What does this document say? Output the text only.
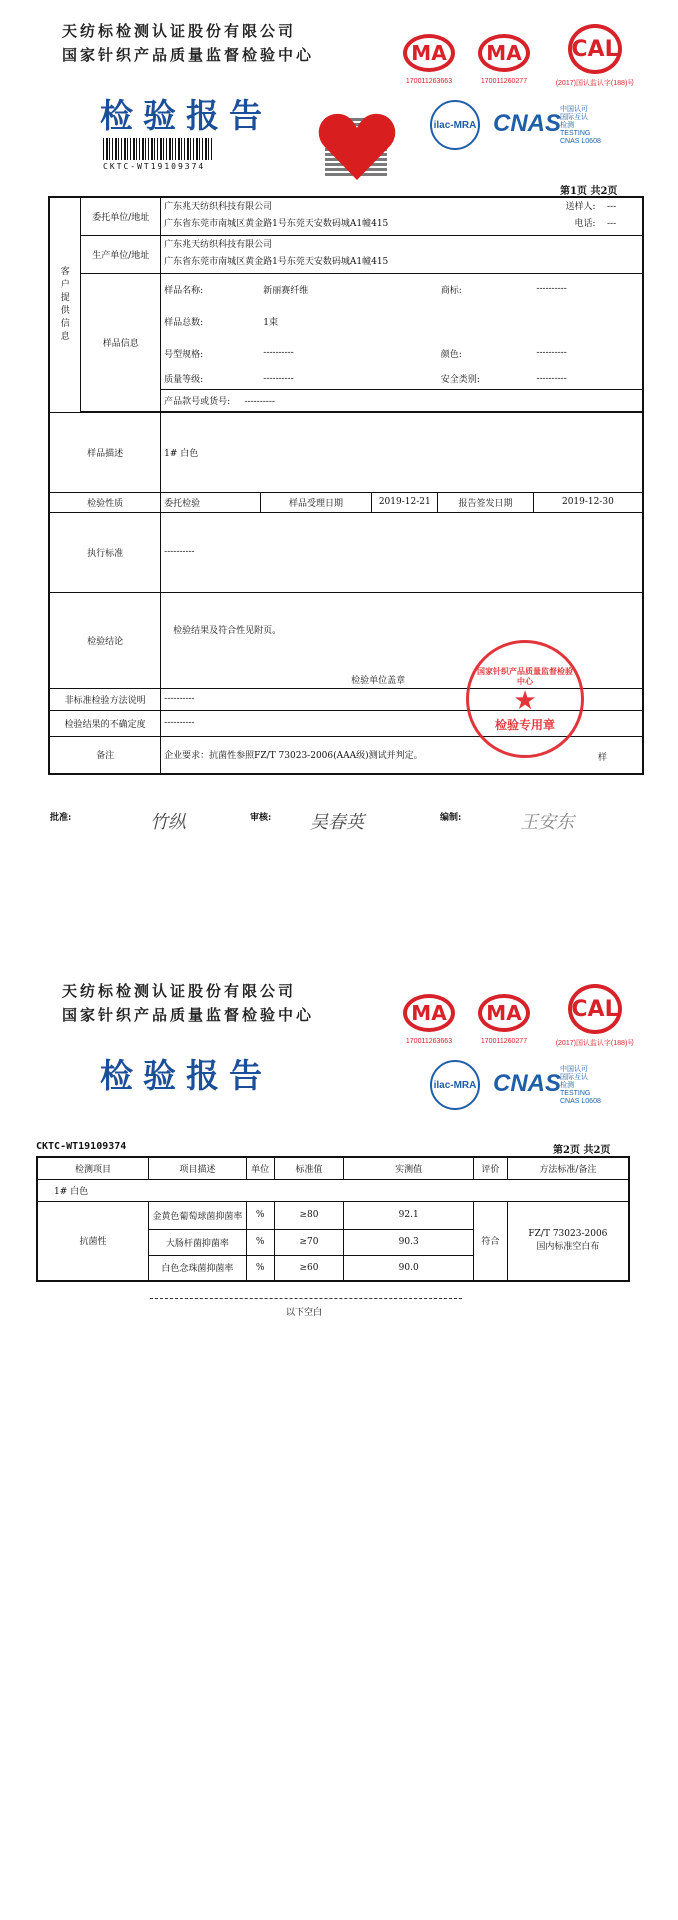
天纺标检测认证股份有限公司
国家针织产品质量监督检验中心
检验报告
CKTC-WT19109374
MA
170011263663
MA
170011260277
CAL
(2017)国认监认字(188)号
ilac-MRA CNAS
中国认可
国际互认
检测
TESTING
CNAS L0608
第1页 共2页
客户提供信息	委托单位/地址	广东兆天纺织科技有限公司 送样人: ---
广东省东莞市南城区黄金路1号东莞天安数码城A1幢415 电话: ---				

	生产单位/地址	广东兆天纺织科技有限公司
广东省东莞市南城区黄金路1号东莞天安数码城A1幢415				

	样品信息	样品名称:	新丽赛纤维		商标:	----------
		样品总数:	1束			
		号型规格:	----------		颜色:	----------
		质量等级:	----------		安全类别:	----------
		产品款号或货号: ----------				

样品描述		1# 白色				
检验性质		委托检验	样品受理日期	2019-12-21	报告签发日期	2019-12-30
执行标准		----------				
检验结论		检验结果及符合性见附页。
检验单位盖章				

非标准检验方法说明		----------				
检验结果的不确定度		----------				
备注		企业要求：抗菌性参照FZ/T 73023-2006(AAA级)测试并判定。					样
国家针织产品质量监督检验中心
★
检验专用章
批准:	竹纵	审核: 吴春英	编制:	王安东
天纺标检测认证股份有限公司
国家针织产品质量监督检验中心
检验报告
MA
170011263663
MA
170011260277
CAL
(2017)国认监认字(188)号
ilac-MRA CNAS
中国认可
国际互认
检测
TESTING
CNAS L0608
CKTC-WT19109374	第2页 共2页
检测项目	项目描述	单位	标准值	实测值	评价	方法标准/备注
1# 白色						
抗菌性	金黄色葡萄球菌抑菌率	%	≥80	92.1	符合	FZ/T 73023-2006
国内标准空白布

	大肠杆菌抑菌率	%	≥70	90.3		
	白色念珠菌抑菌率	%	≥60	90.0		
以下空白
